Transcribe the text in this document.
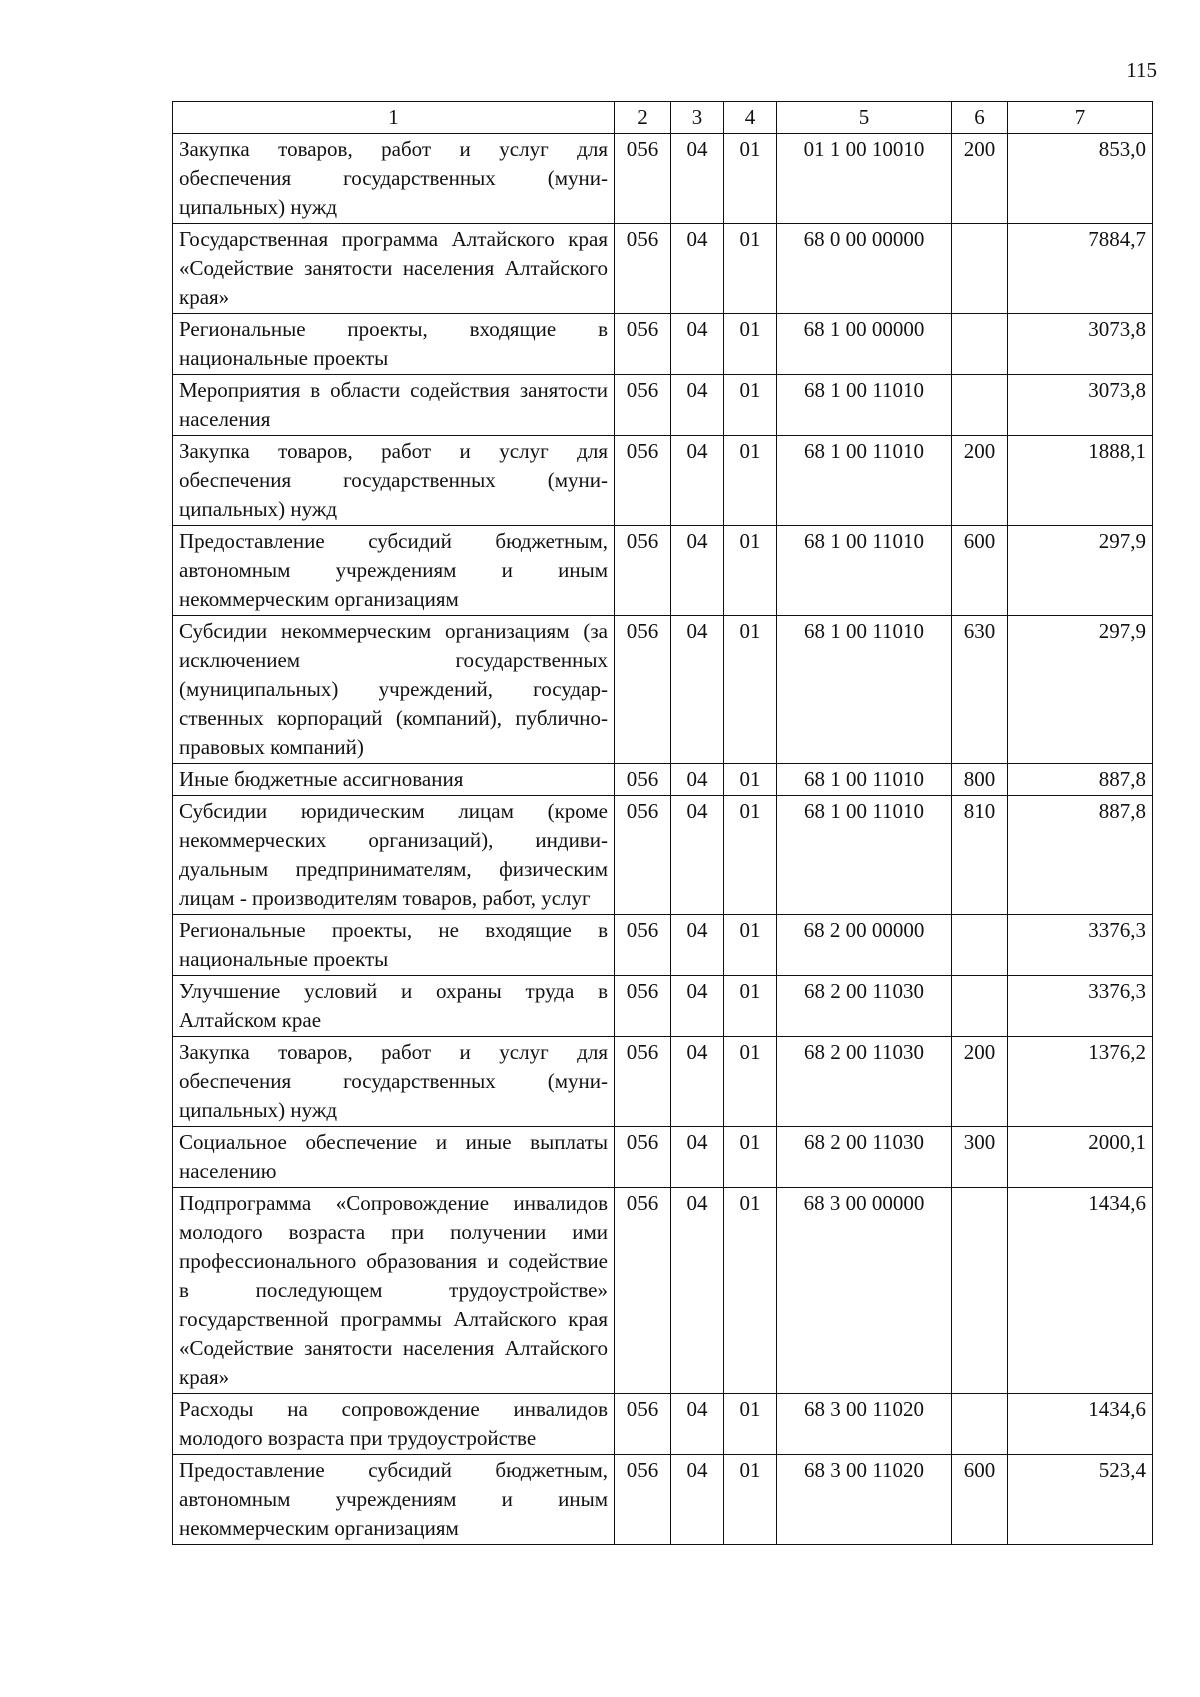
115
1	2	3	4	5	6	7
Закупка товаров, работ и услуг для обеспечения государственных (муниципальных) нужд	056	04	01	01 1 00 10010	200	853,0
Государственная программа Алтайского края «Содействие занятости населения Алтайского края»	056	04	01	68 0 00 00000		7884,7
Региональные проекты, входящие в национальные проекты	056	04	01	68 1 00 00000		3073,8
Мероприятия в области содействия занятости населения	056	04	01	68 1 00 11010		3073,8
Закупка товаров, работ и услуг для обеспечения государственных (муниципальных) нужд	056	04	01	68 1 00 11010	200	1888,1
Предоставление субсидий бюджетным, автономным учреждениям и иным некоммерческим организациям	056	04	01	68 1 00 11010	600	297,9
Субсидии некоммерческим организациям (за исключением государственных (муниципальных) учреждений, государственных корпораций (компаний), публично-правовых компаний)	056	04	01	68 1 00 11010	630	297,9
Иные бюджетные ассигнования	056	04	01	68 1 00 11010	800	887,8
Субсидии юридическим лицам (кроме некоммерческих организаций), индивидуальным предпринимателям, физическим лицам - производителям товаров, работ, услуг	056	04	01	68 1 00 11010	810	887,8
Региональные проекты, не входящие в национальные проекты	056	04	01	68 2 00 00000		3376,3
Улучшение условий и охраны труда в Алтайском крае	056	04	01	68 2 00 11030		3376,3
Закупка товаров, работ и услуг для обеспечения государственных (муниципальных) нужд	056	04	01	68 2 00 11030	200	1376,2
Социальное обеспечение и иные выплаты населению	056	04	01	68 2 00 11030	300	2000,1
Подпрограмма «Сопровождение инвалидов молодого возраста при получении ими профессионального образования и содействие в последующем трудоустройстве» государственной программы Алтайского края «Содействие занятости населения Алтайского края»	056	04	01	68 3 00 00000		1434,6
Расходы на сопровождение инвалидов молодого возраста при трудоустройстве	056	04	01	68 3 00 11020		1434,6
Предоставление субсидий бюджетным, автономным учреждениям и иным некоммерческим организациям	056	04	01	68 3 00 11020	600	523,4
